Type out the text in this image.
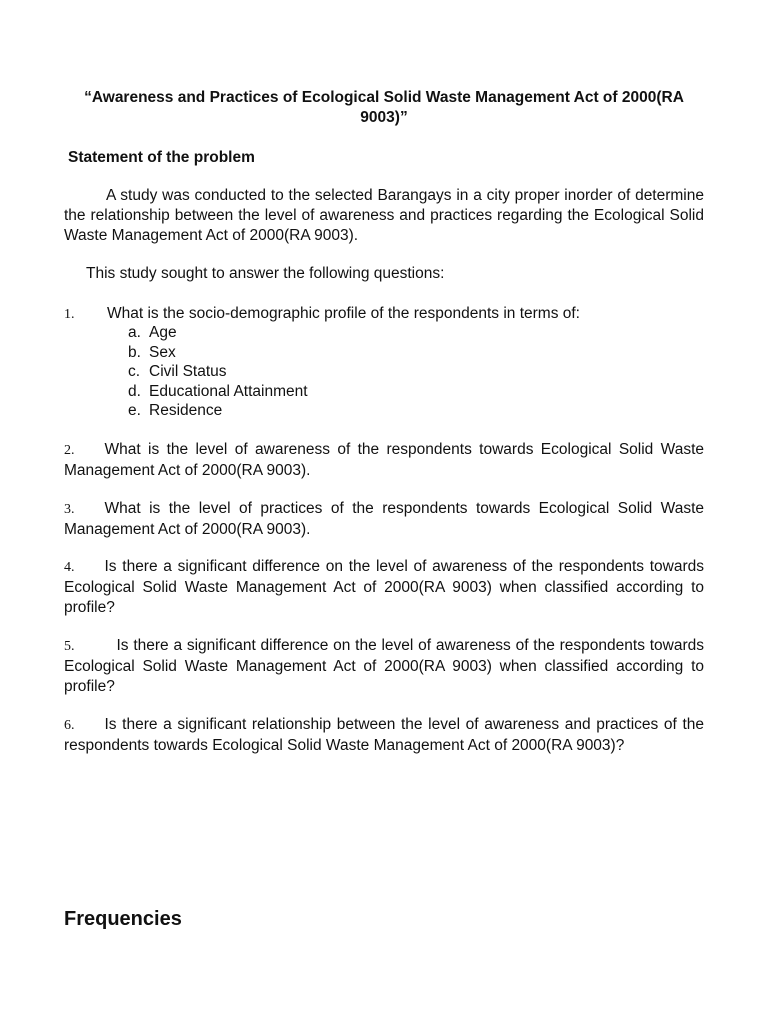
“Awareness and Practices of Ecological Solid Waste Management Act of 2000(RA 9003)”
Statement of the problem
A study was conducted to the selected Barangays in a city proper inorder of determine the relationship between the level of awareness and practices regarding the Ecological Solid Waste Management Act of 2000(RA 9003).
This study sought to answer the following questions:
1. What is the socio-demographic profile of the respondents in terms of:
a. Age
b. Sex
c. Civil Status
d. Educational Attainment
e. Residence
2. What is the level of awareness of the respondents towards Ecological Solid Waste Management Act of 2000(RA 9003).
3. What is the level of practices of the respondents towards Ecological Solid Waste Management Act of 2000(RA 9003).
4. Is there a significant difference on the level of awareness of the respondents towards Ecological Solid Waste Management Act of 2000(RA 9003) when classified according to profile?
5.	Is there a significant difference on the level of awareness of the respondents towards Ecological Solid Waste Management Act of 2000(RA 9003) when classified according to profile?
6. Is there a significant relationship between the level of awareness and practices of the respondents towards Ecological Solid Waste Management Act of 2000(RA 9003)?
Frequencies
